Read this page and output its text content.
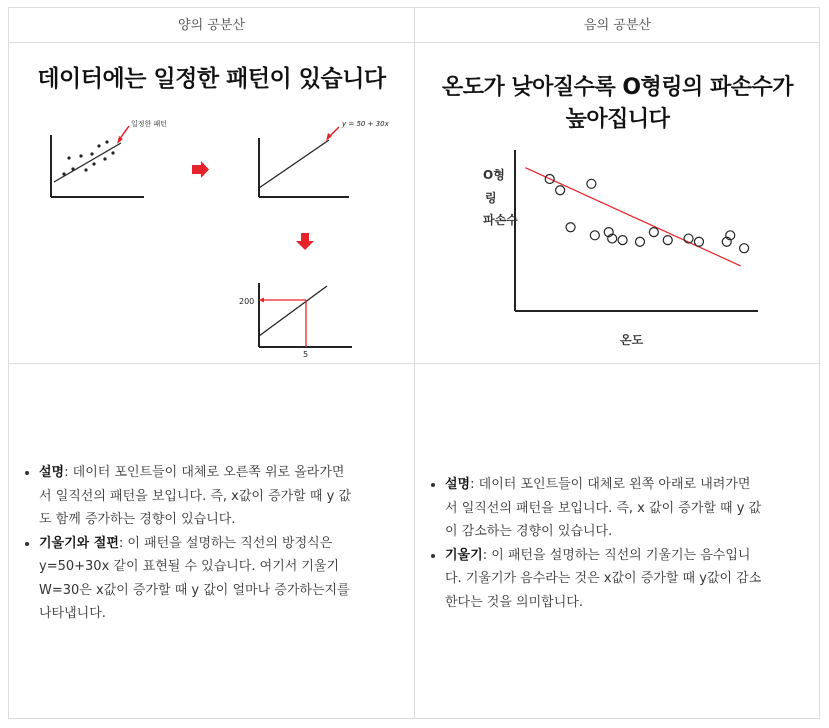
양의 공분산	음의 공분산
데이터에는 일정한 패턴이 있습니다
일정한 패턴	y = 50 + 30x
200
5
온도가 낮아질수록 O형링의 파손수가
높아집니다
O형
링
파손수
온도
• 설명: 데이터 포인트들이 대체로 오른쪽 위로 올라가면
서 일직선의 패턴을 보입니다. 즉, x값이 증가할 때 y 값
도 함께 증가하는 경향이 있습니다.
• 기울기와 절편: 이 패턴을 설명하는 직선의 방정식은
y=50+30x 같이 표현될 수 있습니다. 여기서 기울기
W=30은 x값이 증가할 때 y 값이 얼마나 증가하는지를
나타냅니다.
• 설명: 데이터 포인트들이 대체로 왼쪽 아래로 내려가면
서 일직선의 패턴을 보입니다. 즉, x 값이 증가할 때 y 값
이 감소하는 경향이 있습니다.
• 기울기: 이 패턴을 설명하는 직선의 기울기는 음수입니
다. 기울기가 음수라는 것은 x값이 증가할 때 y값이 감소
한다는 것을 의미합니다.
